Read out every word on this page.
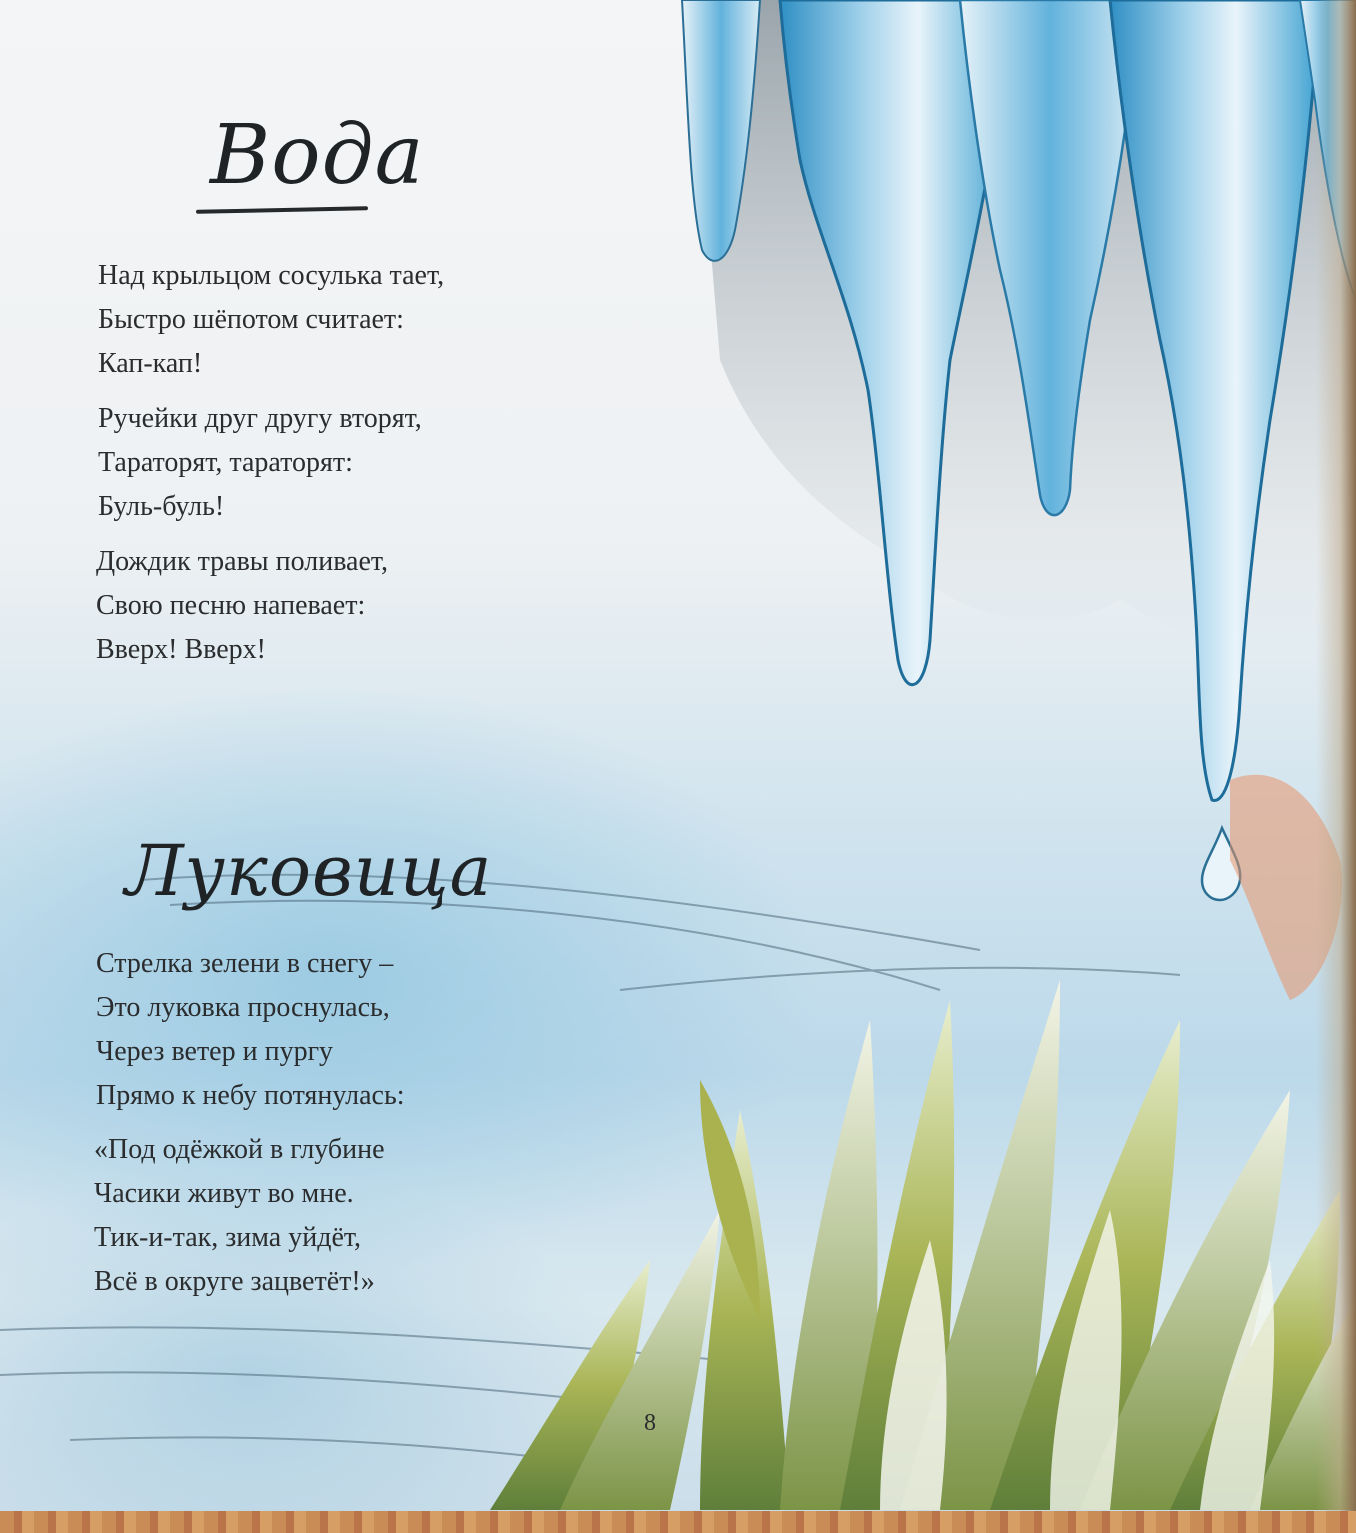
Вода

Над крыльцом сосулька тает,
Быстро шёпотом считает:
Кап-кап!

Ручейки друг другу вторят,
Тараторят, тараторят:
Буль-буль!

Дождик травы поливает,
Свою песню напевает:
Вверх! Вверх!

Луковица

Стрелка зелени в снегу –
Это луковка проснулась,
Через ветер и пургу
Прямо к небу потянулась:

«Под одёжкой в глубине
Часики живут во мне.
Тик-и-так, зима уйдёт,
Всё в округе зацветёт!»

8
